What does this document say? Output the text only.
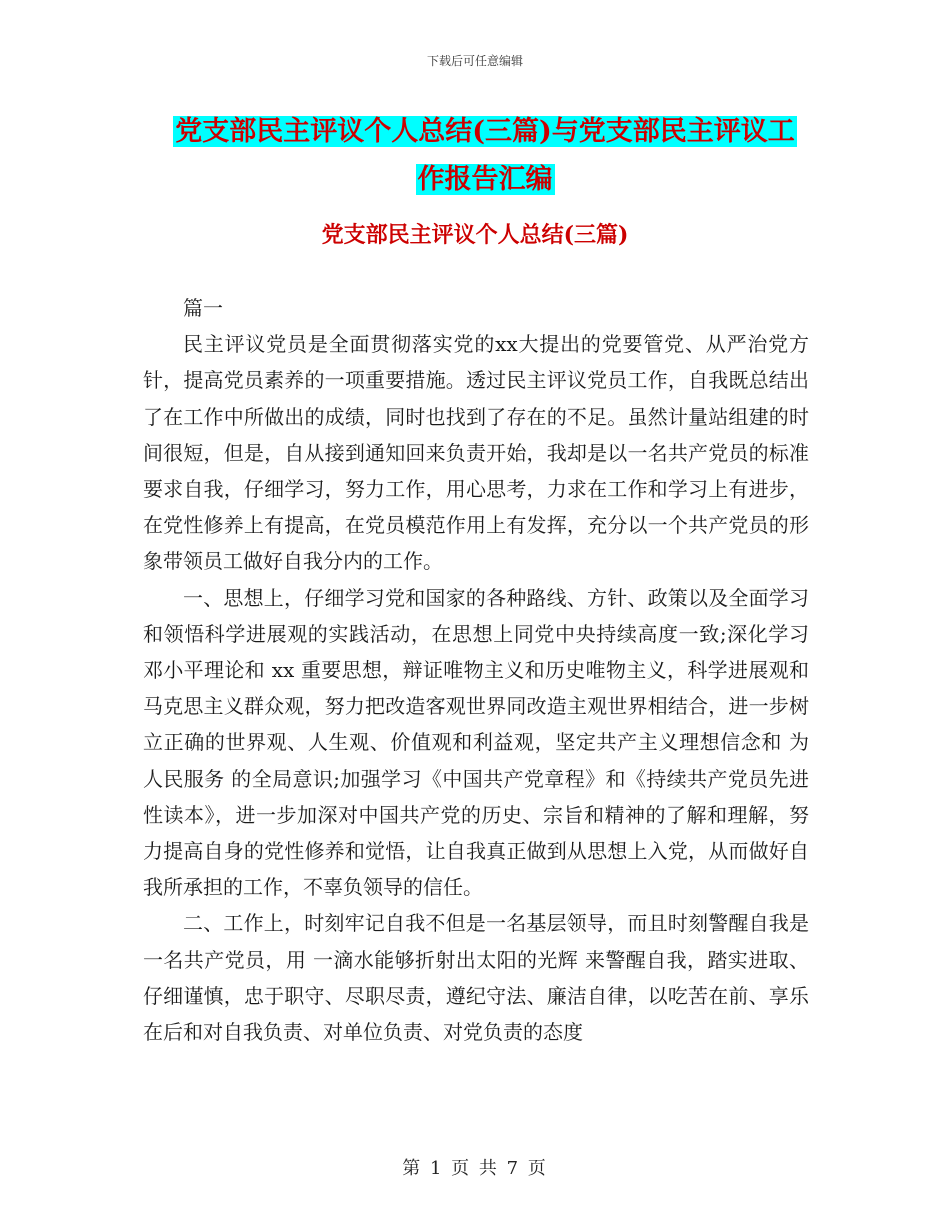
下载后可任意编辑
党支部民主评议个人总结(三篇)与党支部民主评议工
作报告汇编
党支部民主评议个人总结(三篇)

篇一

民主评议党员是全面贯彻落实党的xx大提出的党要管党、从严治党方针，提高党员素养的一项重要措施。透过民主评议党员工作，自我既总结出了在工作中所做出的成绩，同时也找到了存在的不足。虽然计量站组建的时间很短，但是，自从接到通知回来负责开始，我却是以一名共产党员的标准要求自我，仔细学习，努力工作，用心思考，力求在工作和学习上有进步，在党性修养上有提高，在党员模范作用上有发挥，充分以一个共产党员的形象带领员工做好自我分内的工作。

一、思想上，仔细学习党和国家的各种路线、方针、政策以及全面学习和领悟科学进展观的实践活动，在思想上同党中央持续高度一致;深化学习邓小平理论和 xx 重要思想，辩证唯物主义和历史唯物主义，科学进展观和马克思主义群众观，努力把改造客观世界同改造主观世界相结合，进一步树立正确的世界观、人生观、价值观和利益观，坚定共产主义理想信念和 为人民服务 的全局意识;加强学习《中国共产党章程》和《持续共产党员先进性读本》，进一步加深对中国共产党的历史、宗旨和精神的了解和理解，努力提高自身的党性修养和觉悟，让自我真正做到从思想上入党，从而做好自我所承担的工作，不辜负领导的信任。

二、工作上，时刻牢记自我不但是一名基层领导，而且时刻警醒自我是一名共产党员，用 一滴水能够折射出太阳的光辉 来警醒自我，踏实进取、仔细谨慎，忠于职守、尽职尽责，遵纪守法、廉洁自律，以吃苦在前、享乐在后和对自我负责、对单位负责、对党负责的态度

第 1 页 共 7 页
